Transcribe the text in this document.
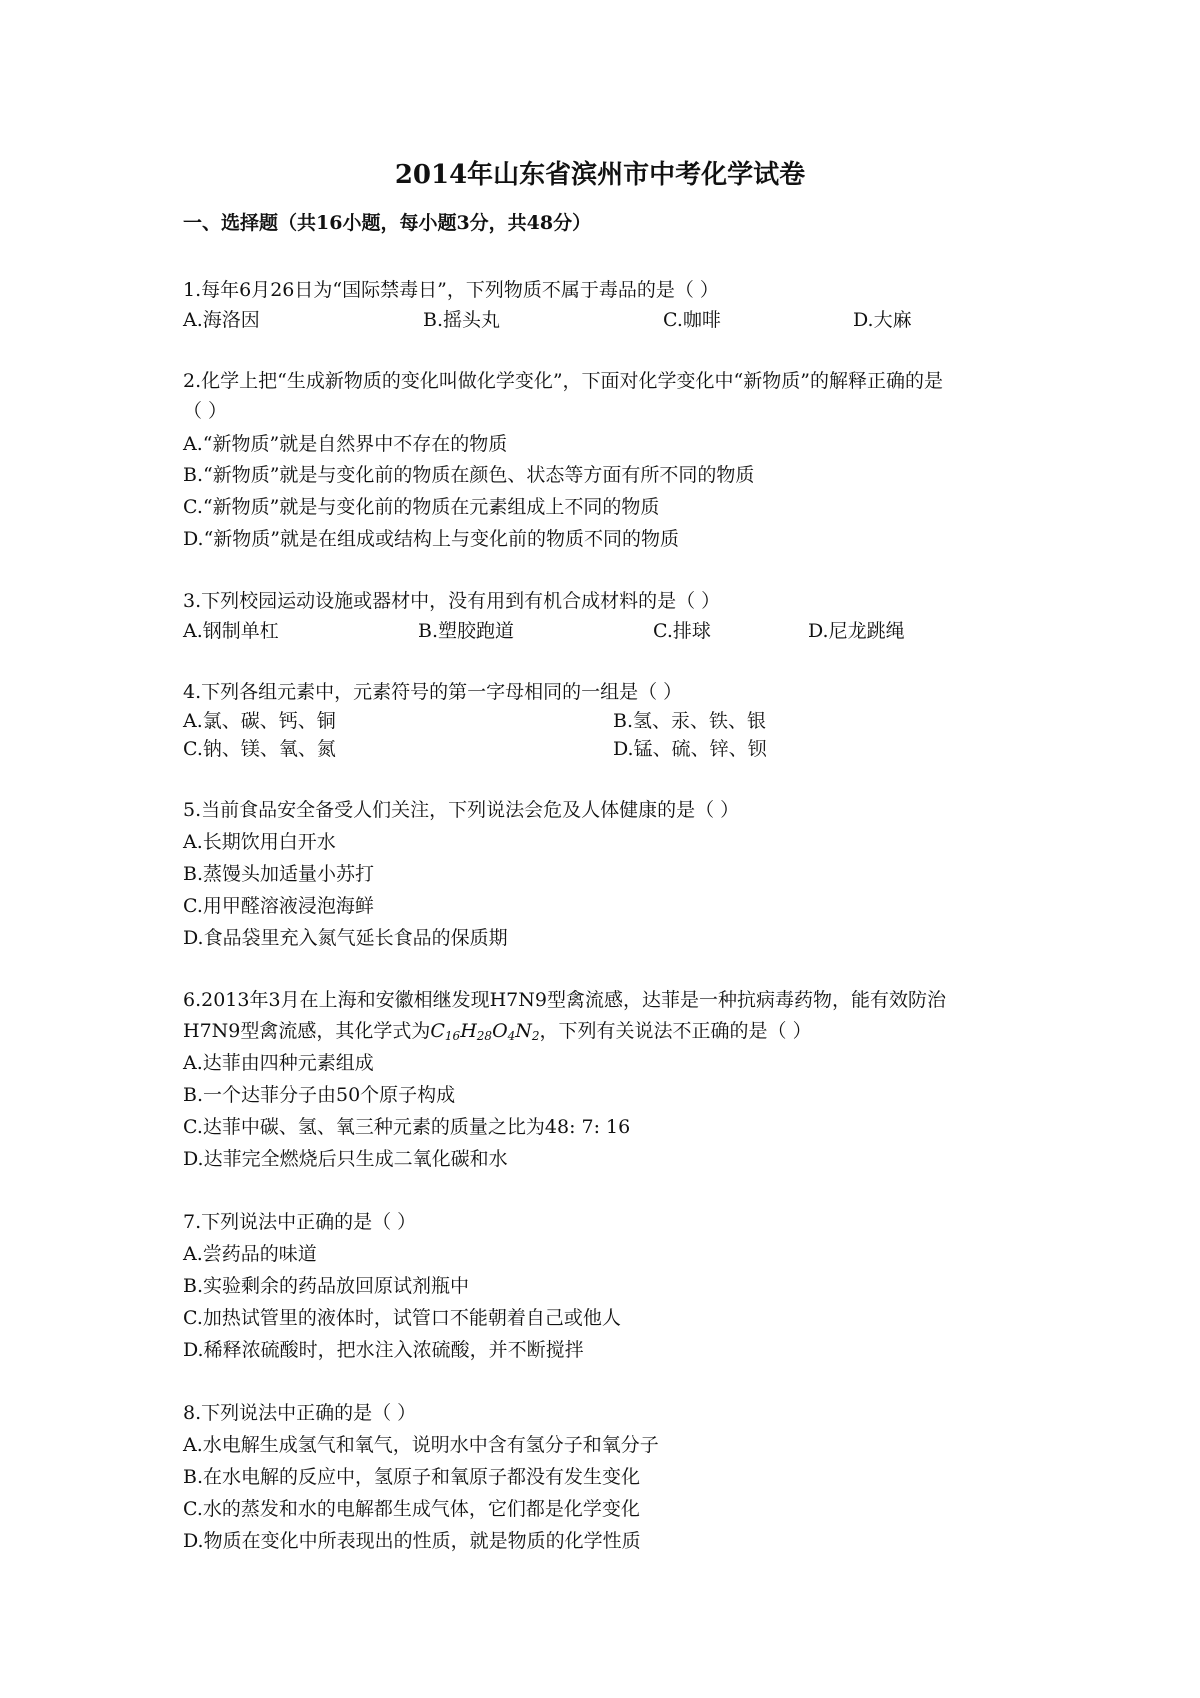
2014年山东省滨州市中考化学试卷
一、选择题（共16小题，每小题3分，共48分）
1.每年6月26日为“国际禁毒日”，下列物质不属于毒品的是（ ）
A.海洛因	B.摇头丸	C.咖啡	D.大麻
2.化学上把“生成新物质的变化叫做化学变化”，下面对化学变化中“新物质”的解释正确的是
（ ）
A.“新物质”就是自然界中不存在的物质
B.“新物质”就是与变化前的物质在颜色、状态等方面有所不同的物质
C.“新物质”就是与变化前的物质在元素组成上不同的物质
D.“新物质”就是在组成或结构上与变化前的物质不同的物质
3.下列校园运动设施或器材中，没有用到有机合成材料的是（ ）
A.钢制单杠	B.塑胶跑道	C.排球	D.尼龙跳绳
4.下列各组元素中，元素符号的第一字母相同的一组是（ ）
A.氯、碳、钙、铜	B.氢、汞、铁、银
C.钠、镁、氧、氮	D.锰、硫、锌、钡
5.当前食品安全备受人们关注，下列说法会危及人体健康的是（ ）
A.长期饮用白开水
B.蒸馒头加适量小苏打
C.用甲醛溶液浸泡海鲜
D.食品袋里充入氮气延长食品的保质期
6.2013年3月在上海和安徽相继发现H7N9型禽流感，达菲是一种抗病毒药物，能有效防治
H7N9型禽流感，其化学式为$C_{16}H_{28}O_4N_2$，下列有关说法不正确的是（ ）
A.达菲由四种元素组成
B.一个达菲分子由50个原子构成
C.达菲中碳、氢、氧三种元素的质量之比为48: 7: 16
D.达菲完全燃烧后只生成二氧化碳和水
7.下列说法中正确的是（ ）
A.尝药品的味道
B.实验剩余的药品放回原试剂瓶中
C.加热试管里的液体时，试管口不能朝着自己或他人
D.稀释浓硫酸时，把水注入浓硫酸，并不断搅拌
8.下列说法中正确的是（ ）
A.水电解生成氢气和氧气，说明水中含有氢分子和氧分子
B.在水电解的反应中，氢原子和氧原子都没有发生变化
C.水的蒸发和水的电解都生成气体，它们都是化学变化
D.物质在变化中所表现出的性质，就是物质的化学性质
